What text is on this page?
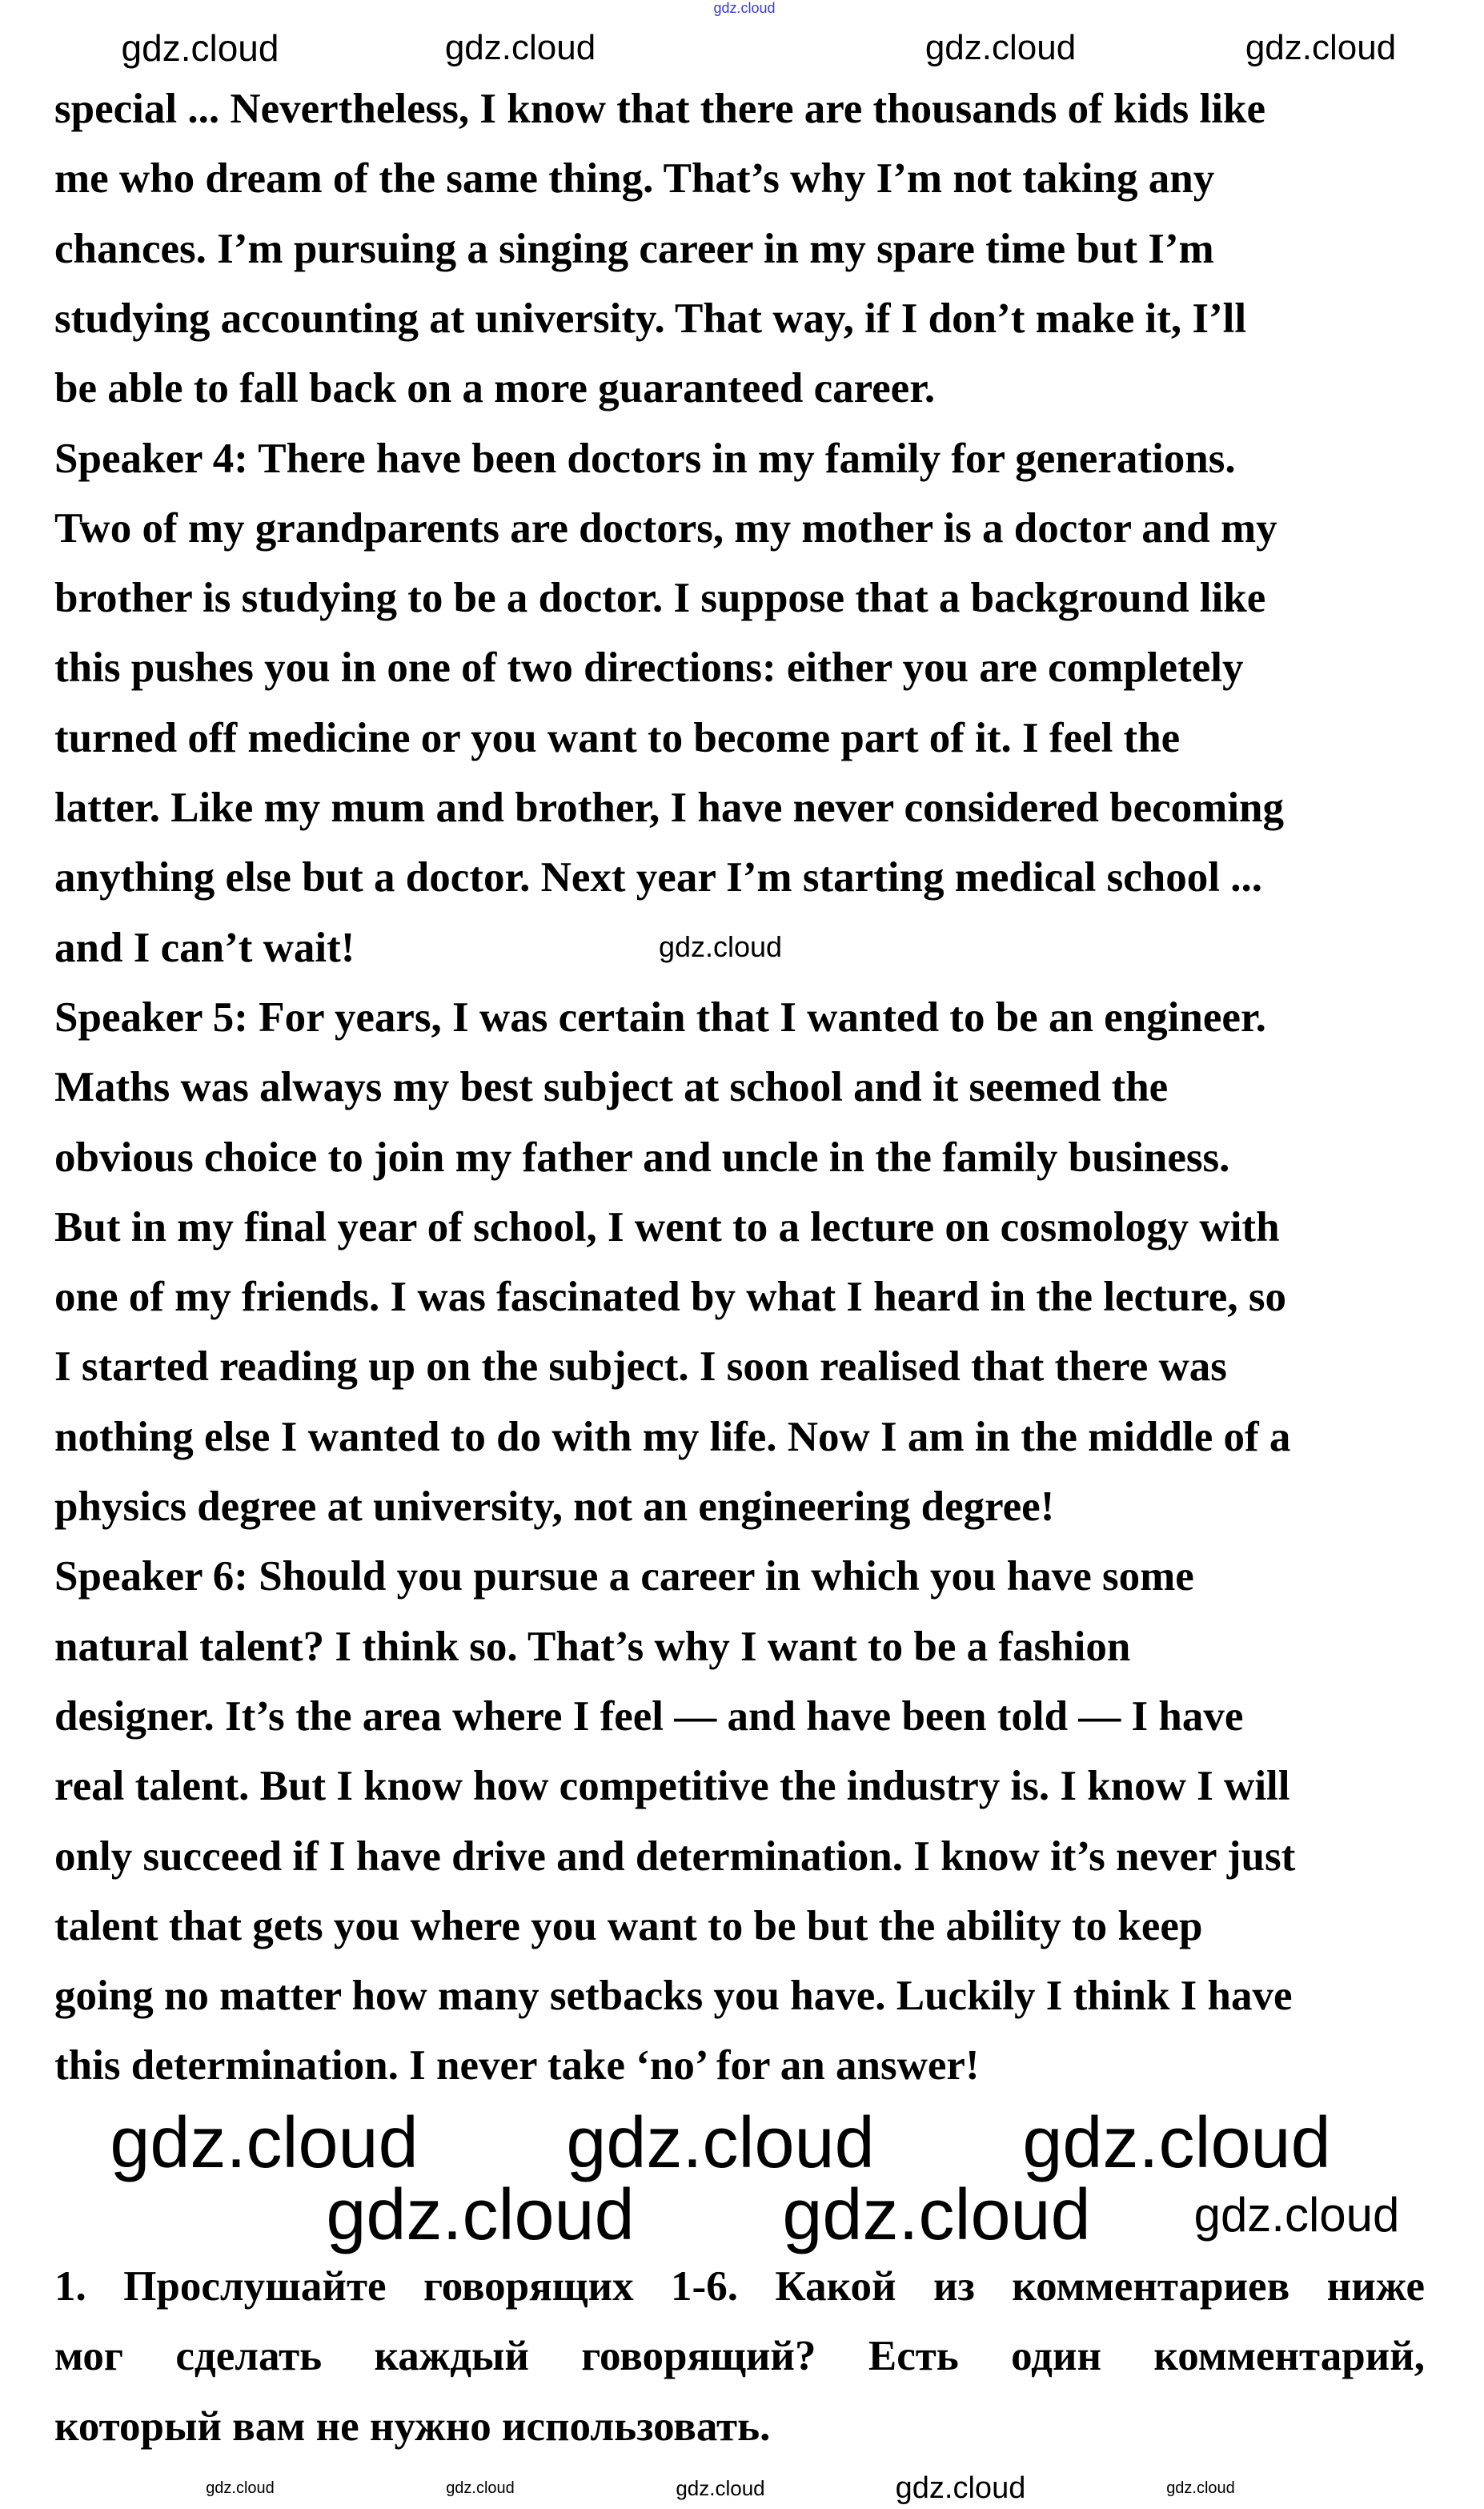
special ... Nevertheless, I know that there are thousands of kids like
me who dream of the same thing. That’s why I’m not taking any
chances. I’m pursuing a singing career in my spare time but I’m
studying accounting at university. That way, if I don’t make it, I’ll
be able to fall back on a more guaranteed career.
Speaker 4: There have been doctors in my family for generations.
Two of my grandparents are doctors, my mother is a doctor and my
brother is studying to be a doctor. I suppose that a background like
this pushes you in one of two directions: either you are completely
turned off medicine or you want to become part of it. I feel the
latter. Like my mum and brother, I have never considered becoming
anything else but a doctor. Next year I’m starting medical school ...
and I can’t wait!
Speaker 5: For years, I was certain that I wanted to be an engineer.
Maths was always my best subject at school and it seemed the
obvious choice to join my father and uncle in the family business.
But in my final year of school, I went to a lecture on cosmology with
one of my friends. I was fascinated by what I heard in the lecture, so
I started reading up on the subject. I soon realised that there was
nothing else I wanted to do with my life. Now I am in the middle of a
physics degree at university, not an engineering degree!
Speaker 6: Should you pursue a career in which you have some
natural talent? I think so. That’s why I want to be a fashion
designer. It’s the area where I feel — and have been told — I have
real talent. But I know how competitive the industry is. I know I will
only succeed if I have drive and determination. I know it’s never just
talent that gets you where you want to be but the ability to keep
going no matter how many setbacks you have. Luckily I think I have
this determination. I never take ‘no’ for an answer!
1. Прослушайте говорящих 1-6. Какой из комментариев ниже
мог сделать каждый говорящий? Есть один комментарий,
который вам не нужно использовать.
gdz.cloud
gdz.cloud	gdz.cloud	gdz.cloud	gdz.cloud
gdz.cloud
gdz.cloud gdz.cloud gdz.cloud
gdz.cloud gdz.cloud gdz.cloud
gdz.cloud	gdz.cloud	gdz.cloud	gdz.cloud	gdz.cloud
